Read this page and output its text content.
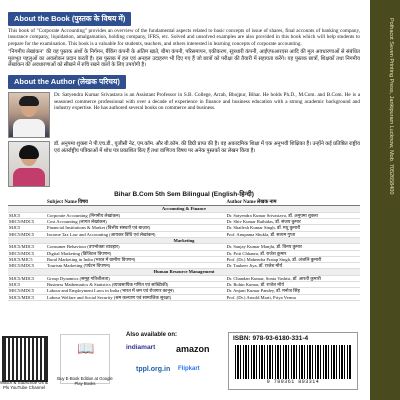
Pothacot Seven Printing Press, Jankipuram Lucknow, Mob. 7052658400
About the Book (पुस्तक के विषय में)

This book of "Corporate Accounting" provides an overview of the fundamental aspects related to basic concepts of issue of shares, final accounts of banking company, insurance company, liquidation, amalgamation, holding company, IFRS, etc. Solved and unsolved examples are also provided in this book which will help students to prepare for the examination. This book is a valuable for students, teachers, and others interested in learning concepts of corporate accounting.

"निगमीय लेखांकन" की यह पुस्तक अंशों के निर्गमन, बैंकिंग कंपनी के अंतिम खाते, बीमा कंपनी, परिसमापन, एकीकरण, सूत्रधारी कंपनी, आईएफआरएस आदि की मूल अवधारणाओं से संबंधित मूलभूत पहलुओं का अवलोकन प्रदान करती है। इस पुस्तक में हल एवं अनहल उदाहरण भी दिए गए हैं जो छात्रों को परीक्षा की तैयारी में सहायता करेंगे। यह पुस्तक छात्रों, शिक्षकों तथा निगमीय लेखांकन की अवधारणाओं को सीखने में रुचि रखने वालों के लिए उपयोगी है।

About the Author (लेखक परिचय)
Dr. Satyendra Kumar Srivastava is an Assistant Professor in S.B. College, Arrah, Bhojpur, Bihar. He holds Ph.D., M.Com. and B.Com. He is a seasoned commerce professional with over a decade of experience in finance and business education with a strong academic background and industry expertise. He has authored several books on commerce and business.
डॉ. अनुपमा शुक्ला ने पी.एच.डी., यूजीसी नेट, एम.कॉम. और बी.कॉम. की डिग्री प्राप्त की है। वह अकादमिक शिक्षा में एक अनुभवी शिक्षिका हैं। उन्होंने कई प्रतिष्ठित राष्ट्रीय एवं अंतर्राष्ट्रीय पत्रिकाओं में शोध पत्र प्रकाशित किए हैं तथा वाणिज्य विषय पर अनेक पुस्तकों का लेखन किया है।
Bihar B.Com 5th Sem Bilingual (English-हिन्दी)
	Subject Name विषय	Author Name लेखक नाम
Accounting & Finance		
MJC5	Corporate Accounting (निगमीय लेखांकन)	Dr. Satyendra Kumar Srivastava, डॉ. अनुपमा शुक्ला
MIC5/MDC5	Cost Accounting (लागत लेखांकन)	Dr. Shiv Kumar Rathidas, डॉ. संजय कुमार
MJC5	Financial Institutions & Market (वित्तीय संस्थाएँ एवं बाज़ार)	Dr. Shailesh Kumar Singh, डॉ. मधु कुमारी
MIC5/MDC5	Income Tax Law and Accounting (आयकर विधि एवं लेखांकन)	Prof. Anupama Shukla, डॉ. सत्यम गुप्ता
Marketing		
MJC5/MDC5	Consumer Behaviour (उपभोक्ता व्यवहार)	Dr. Sanjay Kumar Manjhi, डॉ. विनय कुमार
MIC5/MDC5	Digital Marketing (डिजिटल विपणन)	Dr. Priti Chhaura, डॉ. राजेश कुमार
MJC5/MIC5	Rural Marketing in India (भारत में ग्रामीण विपणन)	Prof. (Dr.) Mahendra Pratap Singh, डॉ. अंजलि कुमारी
MIC5/MDC5	Tourism Marketing (पर्यटन विपणन)	Dr. Tauheer Jiya, डॉ. राजेश मौर्य
Human Resource Management		
MJC5/MDC5	Group Dynamics (समूह गतिशीलता)	Dr. Chandan Kumar, Sonia Vashist, डॉ. आरती कुमारी
MJC5	Business Mathematics & Statistics (व्यावसायिक गणित एवं सांख्यिकी)	Dr. Rohin Kumar, डॉ. राजेश मौर्य
MIC5/MDC5	Labour and Employment Laws in India (भारत में श्रम एवं रोजगार कानून)	Dr. Anjani Kumar Pandey, डॉ. मनोज सिंह
MJC5/MDC5	Labour Welfare and Social Security (श्रम कल्याण एवं सामाजिक सुरक्षा)	Prof. (Dr.) Arnold Marti, Priya Verma
Watch & Subscribe Us & Pls YouTube Channel
📖
Buy E-Book Edition at Google Play Books
Also available on:
indiamart amazon
tppl.org.in Flipkart
ISBN: 978-93-6180-331-4
9 789361 803314
